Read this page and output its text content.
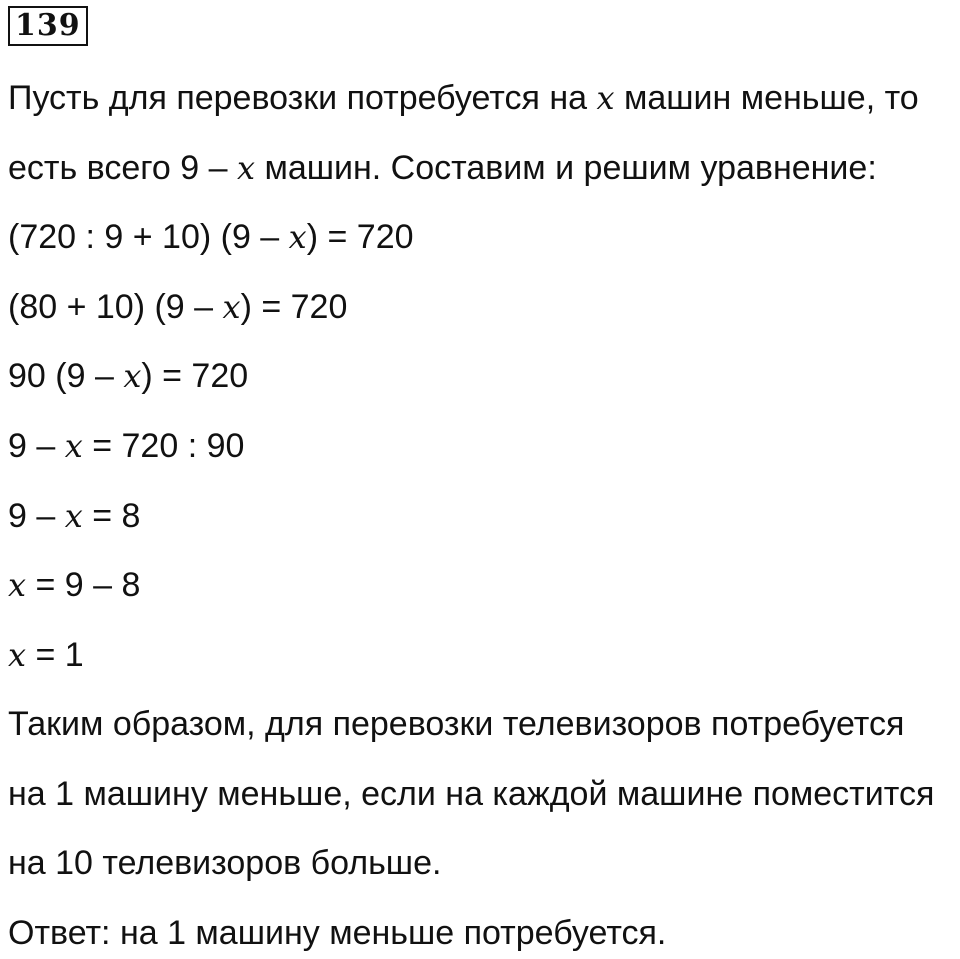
139
Пусть для перевозки потребуется на x машин меньше, то
есть всего 9 – x машин. Составим и решим уравнение:
(720 : 9 + 10) (9 – x) = 720
(80 + 10) (9 – x) = 720
90 (9 – x) = 720
9 – x = 720 : 90
9 – x = 8
x = 9 – 8
x = 1
Таким образом, для перевозки телевизоров потребуется
на 1 машину меньше, если на каждой машине поместится
на 10 телевизоров больше.
Ответ: на 1 машину меньше потребуется.
